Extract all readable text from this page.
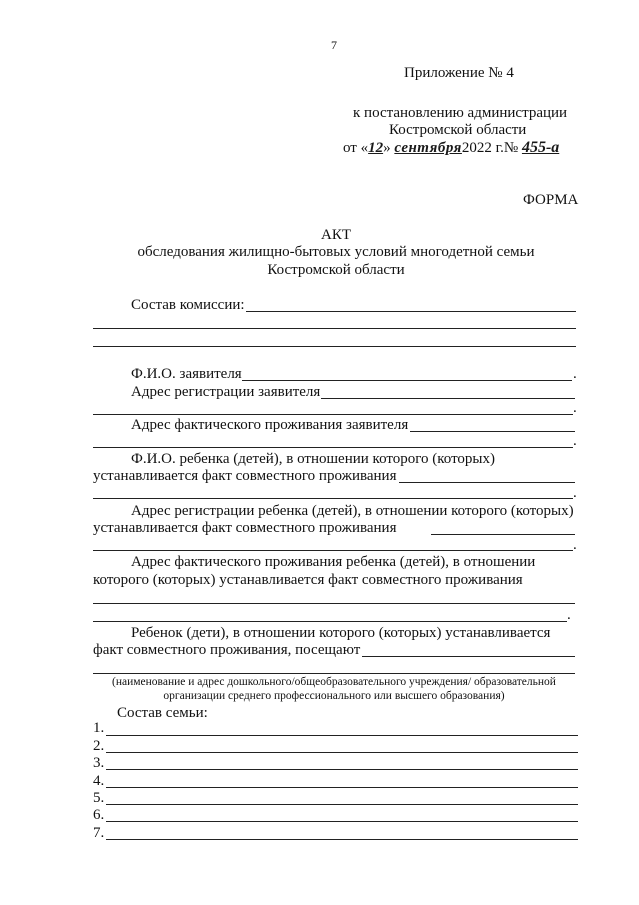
7
Приложение № 4
к постановлению администрации
Костромской области
от «12» сентября2022 г.№ 455-а
ФОРМА
АКТ
обследования жилищно-бытовых условий многодетной семьи
Костромской области
Состав комиссии:
Ф.И.О. заявителя	.
Адрес регистрации заявителя
.
Адрес фактического проживания заявителя
.
Ф.И.О. ребенка (детей), в отношении которого (которых)
устанавливается факт совместного проживания
.
Адрес регистрации ребенка (детей), в отношении которого (которых)
устанавливается факт совместного проживания
.
Адрес фактического проживания ребенка (детей), в отношении
которого (которых) устанавливается факт совместного проживания
.
Ребенок (дети), в отношении которого (которых) устанавливается
факт совместного проживания, посещают
(наименование и адрес дошкольного/общеобразовательного учреждения/ образовательной
организации среднего профессионального или высшего образования)
Состав семьи:
1.
2.
3.
4.
5.
6.
7.
